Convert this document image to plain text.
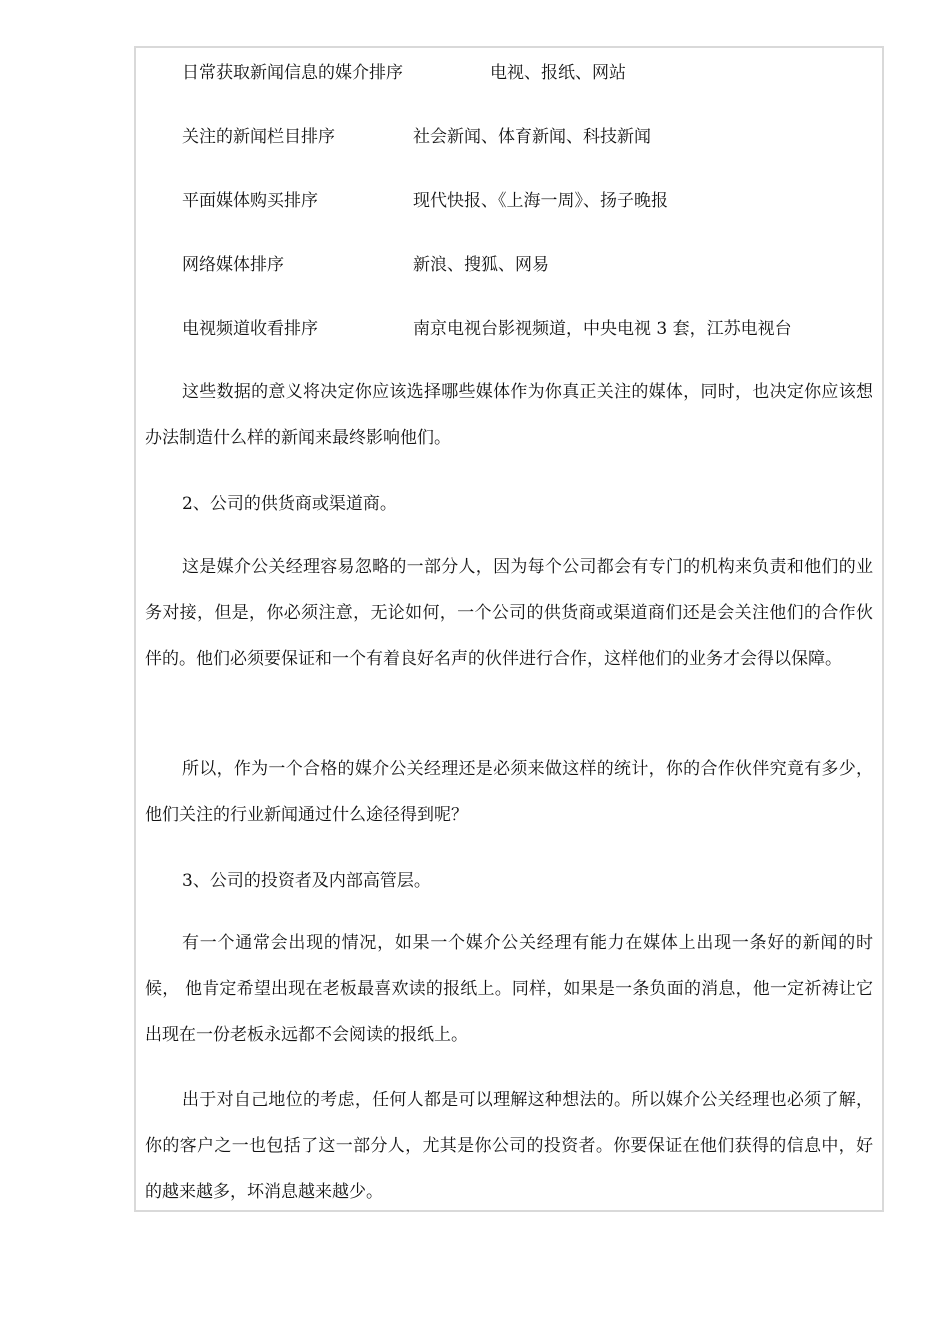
日常获取新闻信息的媒介排序	电视、报纸、网站
关注的新闻栏目排序	社会新闻、体育新闻、科技新闻
平面媒体购买排序	现代快报、《上海一周》、扬子晚报
网络媒体排序	新浪、搜狐、网易
电视频道收看排序	南京电视台影视频道，中央电视 3 套，江苏电视台

这些数据的意义将决定你应该选择哪些媒体作为你真正关注的媒体，同时，也决定你应该想办法制造什么样的新闻来最终影响他们。

2、公司的供货商或渠道商。

这是媒介公关经理容易忽略的一部分人，因为每个公司都会有专门的机构来负责和他们的业务对接，但是，你必须注意，无论如何，一个公司的供货商或渠道商们还是会关注他们的合作伙伴的。他们必须要保证和一个有着良好名声的伙伴进行合作，这样他们的业务才会得以保障。

所以，作为一个合格的媒介公关经理还是必须来做这样的统计，你的合作伙伴究竟有多少，他们关注的行业新闻通过什么途径得到呢？

3、公司的投资者及内部高管层。

有一个通常会出现的情况，如果一个媒介公关经理有能力在媒体上出现一条好的新闻的时候， 他肯定希望出现在老板最喜欢读的报纸上。同样，如果是一条负面的消息，他一定祈祷让它出现在一份老板永远都不会阅读的报纸上。

出于对自己地位的考虑，任何人都是可以理解这种想法的。所以媒介公关经理也必须了解，你的客户之一也包括了这一部分人，尤其是你公司的投资者。你要保证在他们获得的信息中，好的越来越多，坏消息越来越少。
